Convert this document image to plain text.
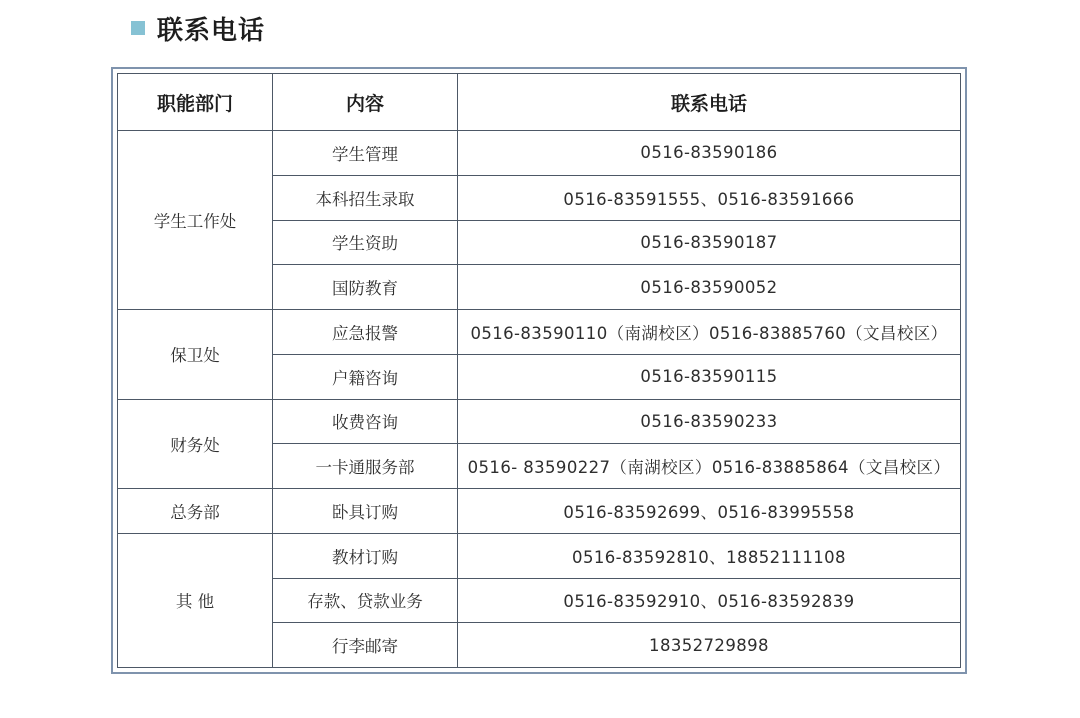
联系电话
职能部门	内容	联系电话
学生工作处	学生管理	0516-83590186
	本科招生录取	0516-83591555、0516-83591666
	学生资助	0516-83590187
	国防教育	0516-83590052
保卫处	应急报警	0516-83590110（南湖校区）0516-83885760（文昌校区）
	户籍咨询	0516-83590115
财务处	收费咨询	0516-83590233
	一卡通服务部	0516- 83590227（南湖校区）0516-83885864（文昌校区）
总务部	卧具订购	0516-83592699、0516-83995558
其 他	教材订购	0516-83592810、18852111108
	存款、贷款业务	0516-83592910、0516-83592839
	行李邮寄	18352729898
